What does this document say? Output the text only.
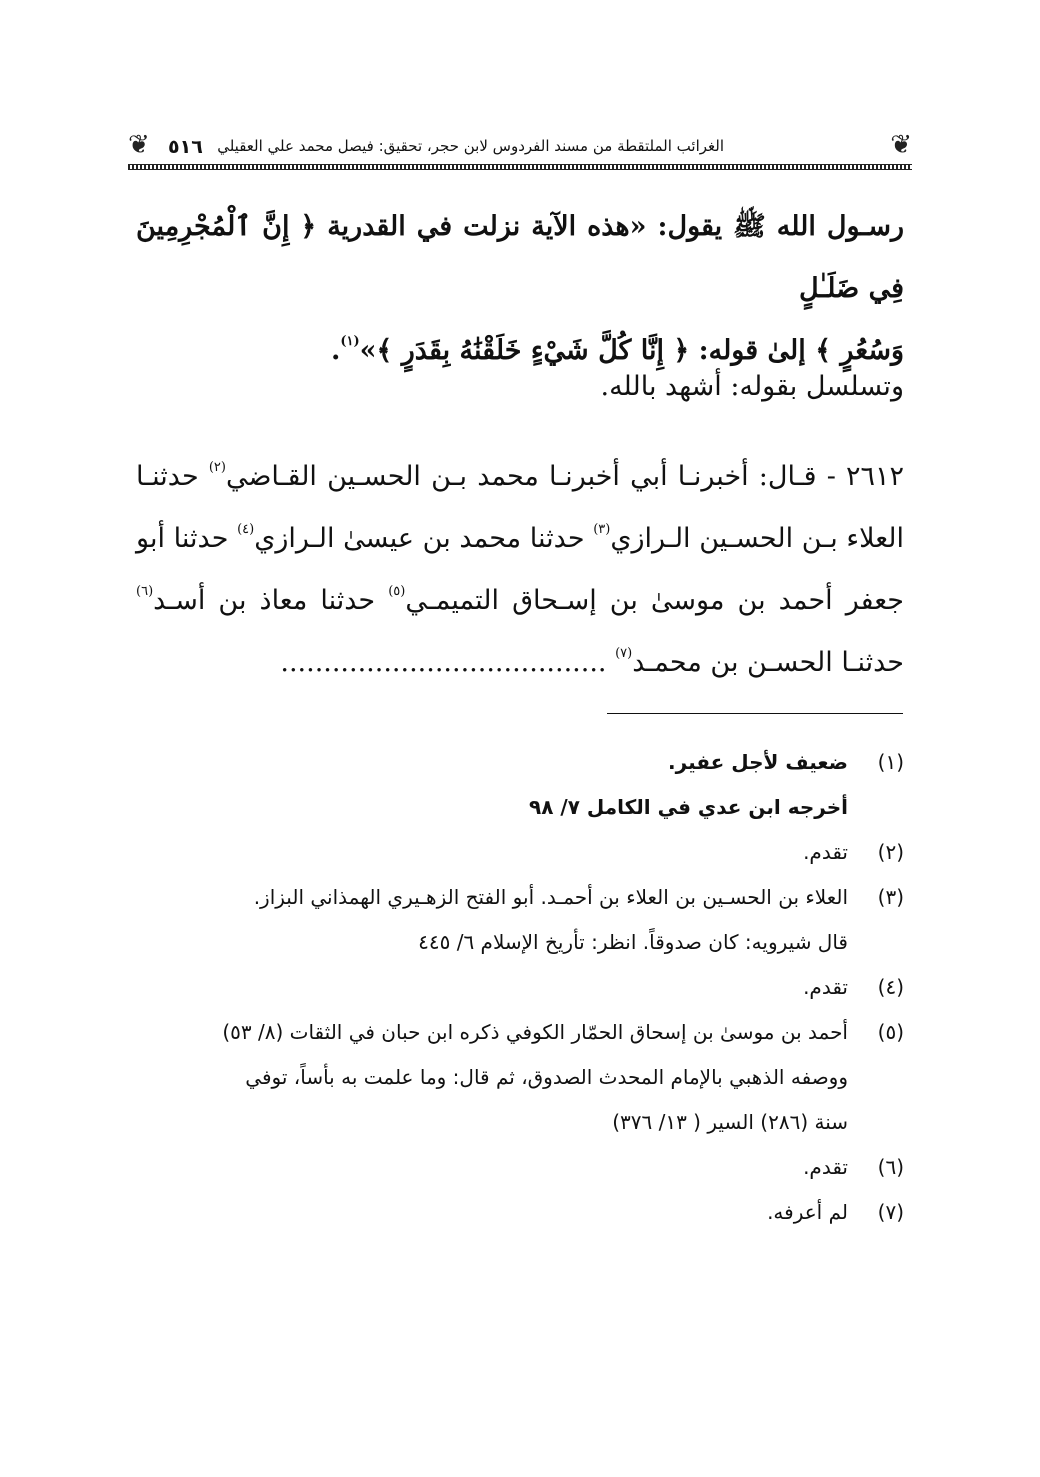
❦
الغرائب الملتقطة من مسند الفردوس لابن حجر، تحقيق: فيصل محمد علي العقيلي
٥١٦
❦
رسـول الله ﷺ يقول: «هذه الآية نزلت في القدرية ﴿ إِنَّ ٱلْمُجْرِمِينَ فِي ضَلَـٰلٍ
وَسُعُرٍ ﴾ إلىٰ قوله: ﴿ إِنَّا كُلَّ شَيْءٍ خَلَقْنَٰهُ بِقَدَرٍ ﴾»$^{(١)}$.
وتسلسل بقوله: أشهد بالله.
٢٦١٢ - قـال: أخبرنـا أبي أخبرنـا محمد بـن الحسـين القـاضي$^{(٢)}$ حدثنـا العلاء بـن الحسـين الـرازي$^{(٣)}$ حدثنا محمد بن عيسىٰ الـرازي$^{(٤)}$ حدثنا أبو جعفر أحمد بن موسىٰ بن إسـحاق التميمـي$^{(٥)}$ حدثنا معاذ بن أسـد$^{(٦)}$ حدثنـا الحسـن بن محمـد$^{(٧)}$ ......................................
(١)
ضعيف لأجل عفير.
أخرجه ابن عدي في الكامل ٧/ ٩٨
(٢)
تقدم.
(٣)
العلاء بن الحسـين بن العلاء بن أحمـد. أبو الفتح الزهـيري الهمذاني البزاز.
قال شيرويه: كان صدوقاً. انظر: تأريخ الإسلام ٦/ ٤٤٥
(٤)
تقدم.
(٥)
أحمد بن موسىٰ بن إسحاق الحمّار الكوفي ذكره ابن حبان في الثقات (٨/ ٥٣)
ووصفه الذهبي بالإمام المحدث الصدوق، ثم قال: وما علمت به بأساً، توفي
سنة (٢٨٦) السير ( ١٣/ ٣٧٦)
(٦)
تقدم.
(٧)
لم أعرفه.
